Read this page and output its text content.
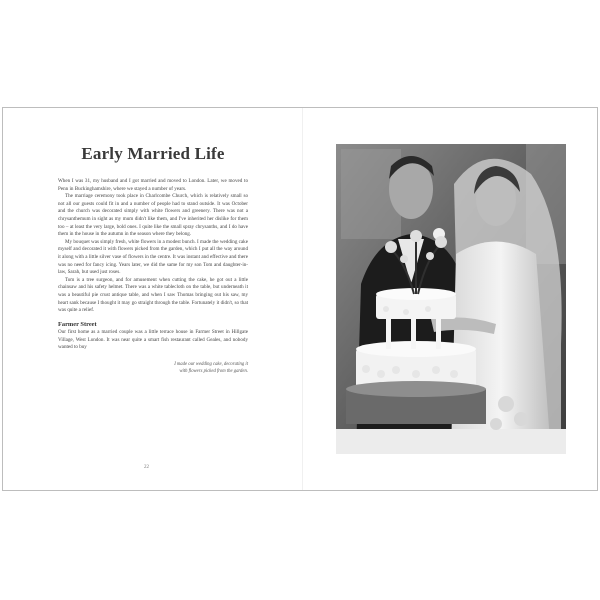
Early Married Life

When I was 31, my husband and I got married and moved to London. Later, we moved to Penn in Buckinghamshire, where we stayed a number of years.

The marriage ceremony took place in Charlcombe Church, which is relatively small so not all our guests could fit in and a number of people had to stand outside. It was October and the church was decorated simply with white flowers and greenery. There was not a chrysanthemum in sight as my mum didn't like them, and I've inherited her dislike for them too – at least the very large, bold ones. I quite like the small spray chrysanths, and I do have them in the house in the autumn in the season where they belong.

My bouquet was simply fresh, white flowers in a modest bunch. I made the wedding cake myself and decorated it with flowers picked from the garden, which I put all the way around it along with a little silver vase of flowers in the centre. It was instant and effective and there was no need for fancy icing. Years later, we did the same for my son Tom and daughter-in-law, Sarah, but used just roses.

Tom is a tree surgeon, and for amusement when cutting the cake, he got out a little chainsaw and his safety helmet. There was a white tablecloth on the table, but underneath it was a beautiful pie crust antique table, and when I saw Thomas bringing out his saw, my heart sank because I thought it may go straight through the table. Fortunately it didn't, so that was quite a relief.

Farmer Street

Our first home as a married couple was a little terrace house in Farmer Street in Hillgate Village, West London. It was near quite a smart fish restaurant called Geales, and nobody wanted to buy

I made our wedding cake, decorating it
with flowers picked from the garden.
22
